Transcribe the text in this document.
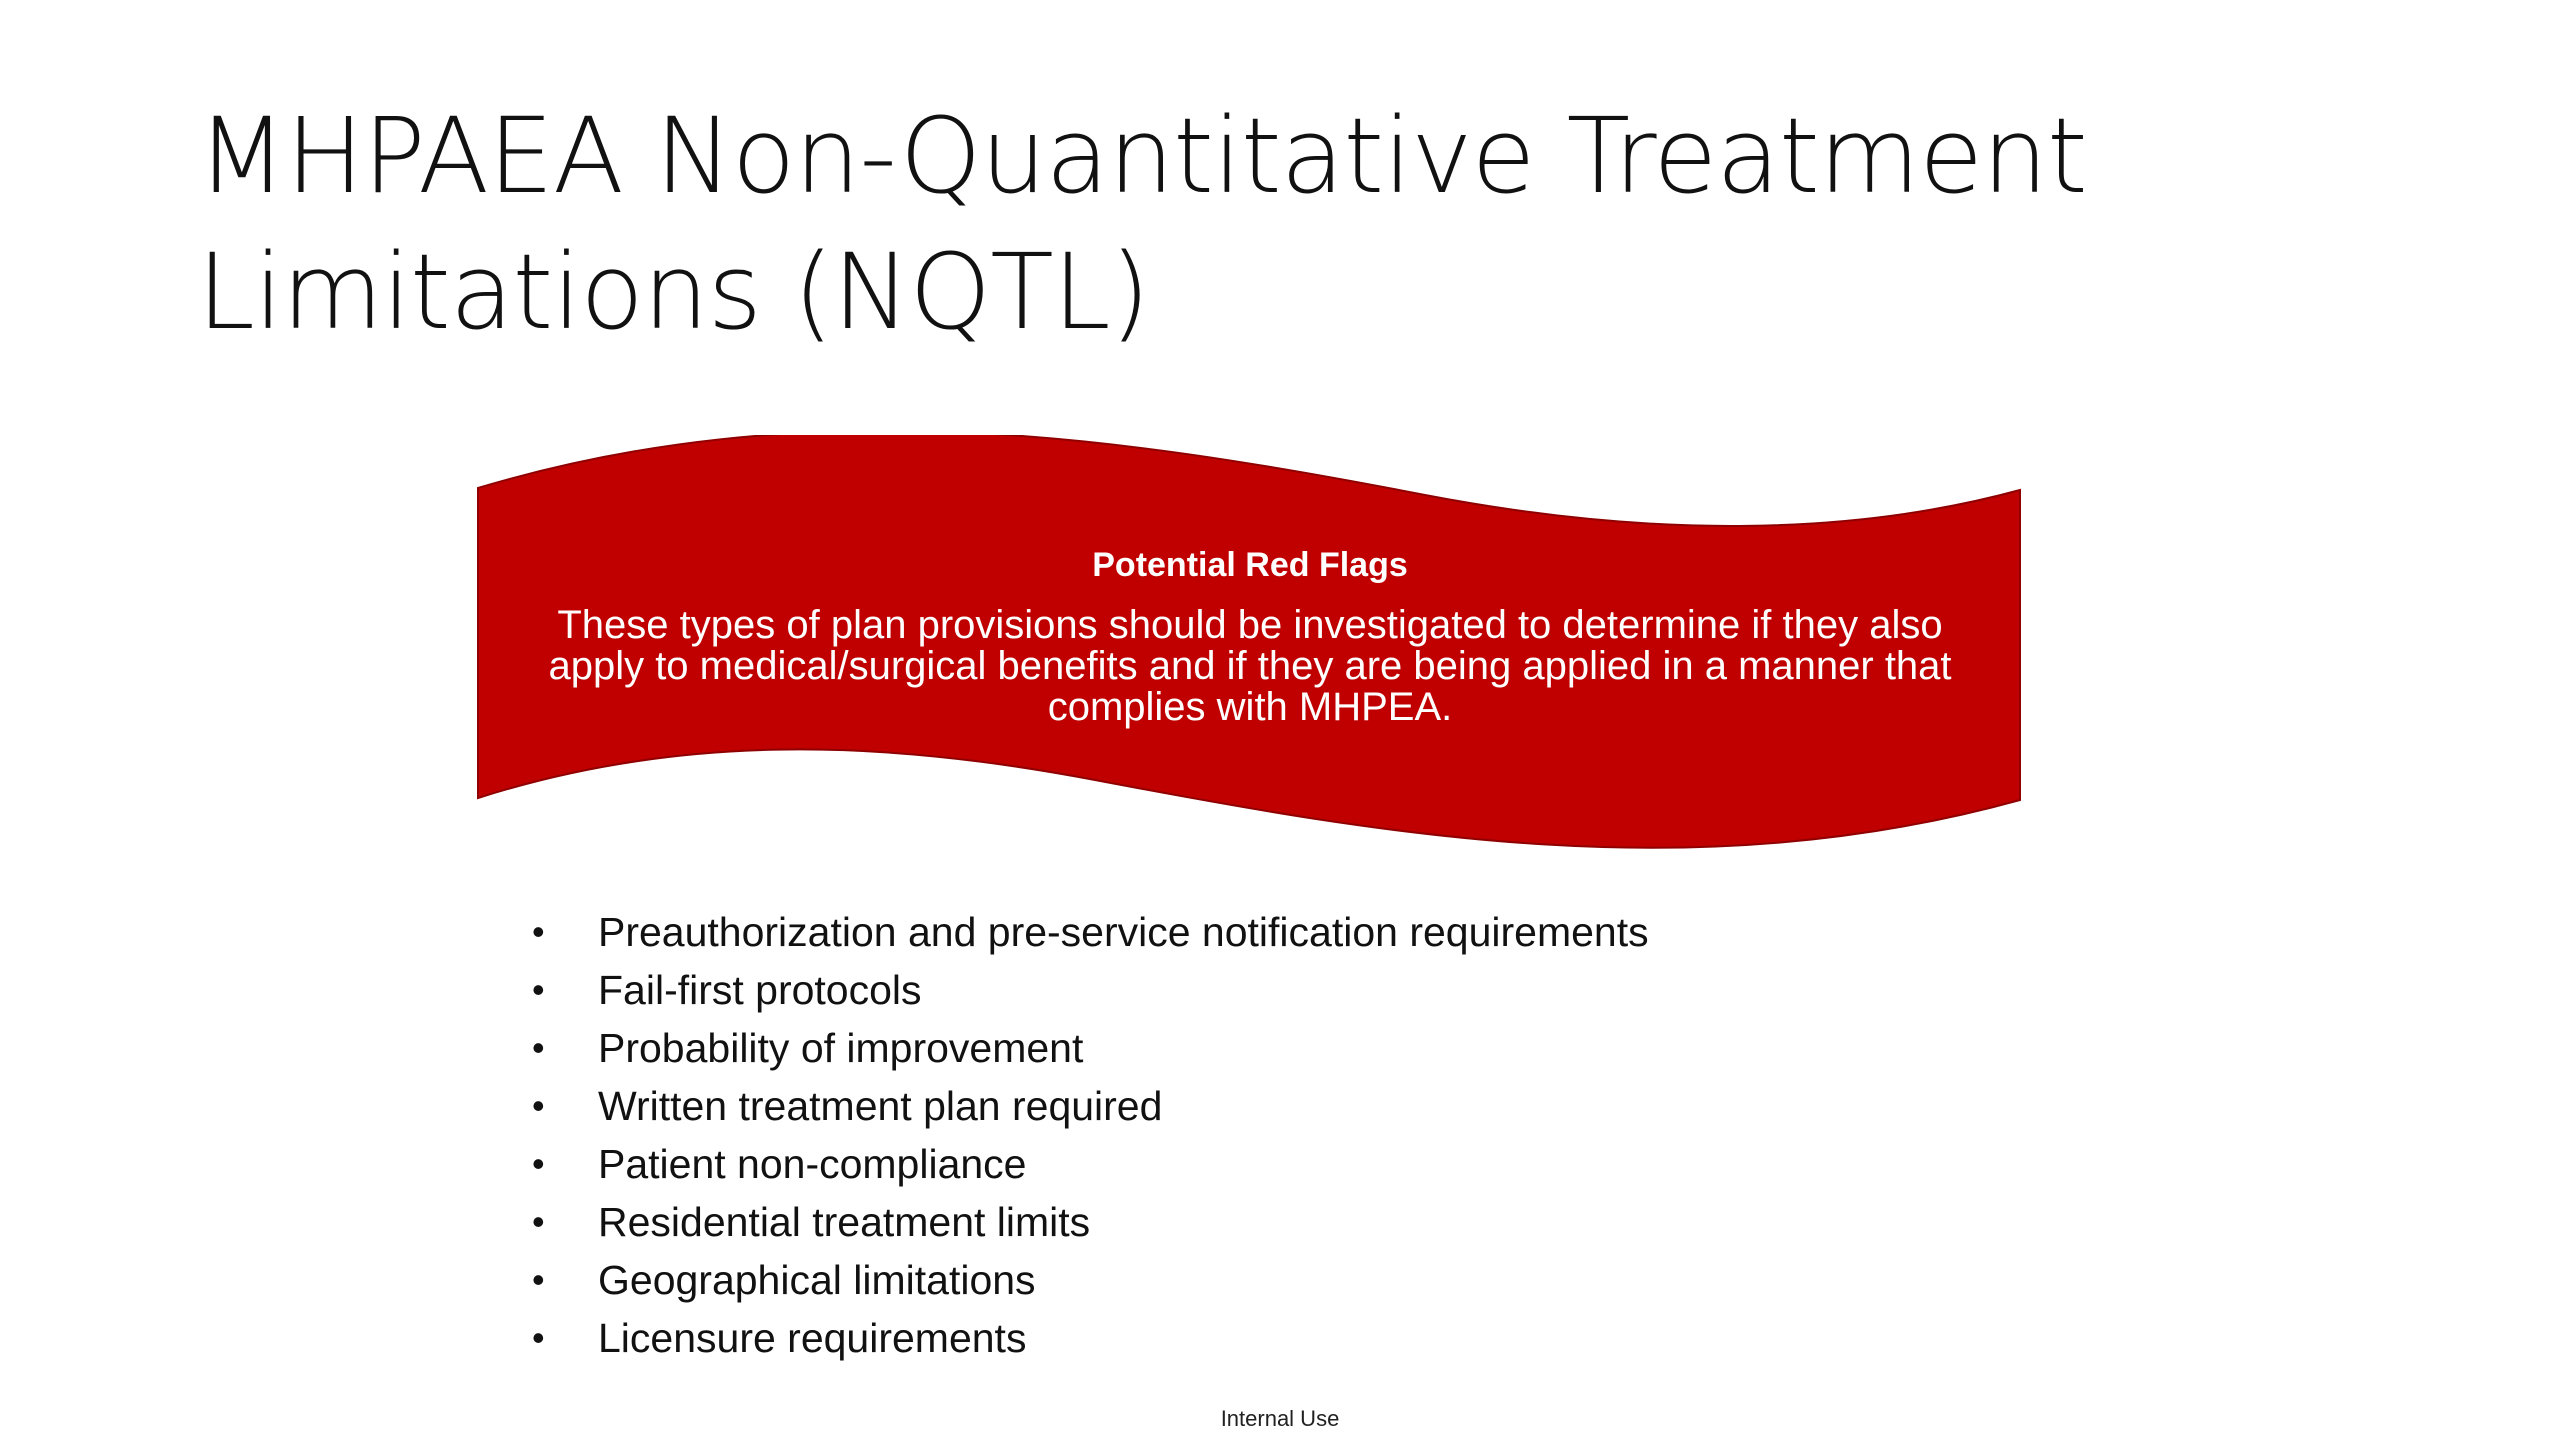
MHPAEA Non-Quantitative Treatment
Limitations (NQTL)
Potential Red Flags
These types of plan provisions should be investigated to determine if they also apply to medical/surgical benefits and if they are being applied in a manner that complies with MHPEA.
•	Preauthorization and pre-service notification requirements
•	Fail-first protocols
•	Probability of improvement
•	Written treatment plan required
•	Patient non-compliance
•	Residential treatment limits
•	Geographical limitations
•	Licensure requirements
Internal Use
